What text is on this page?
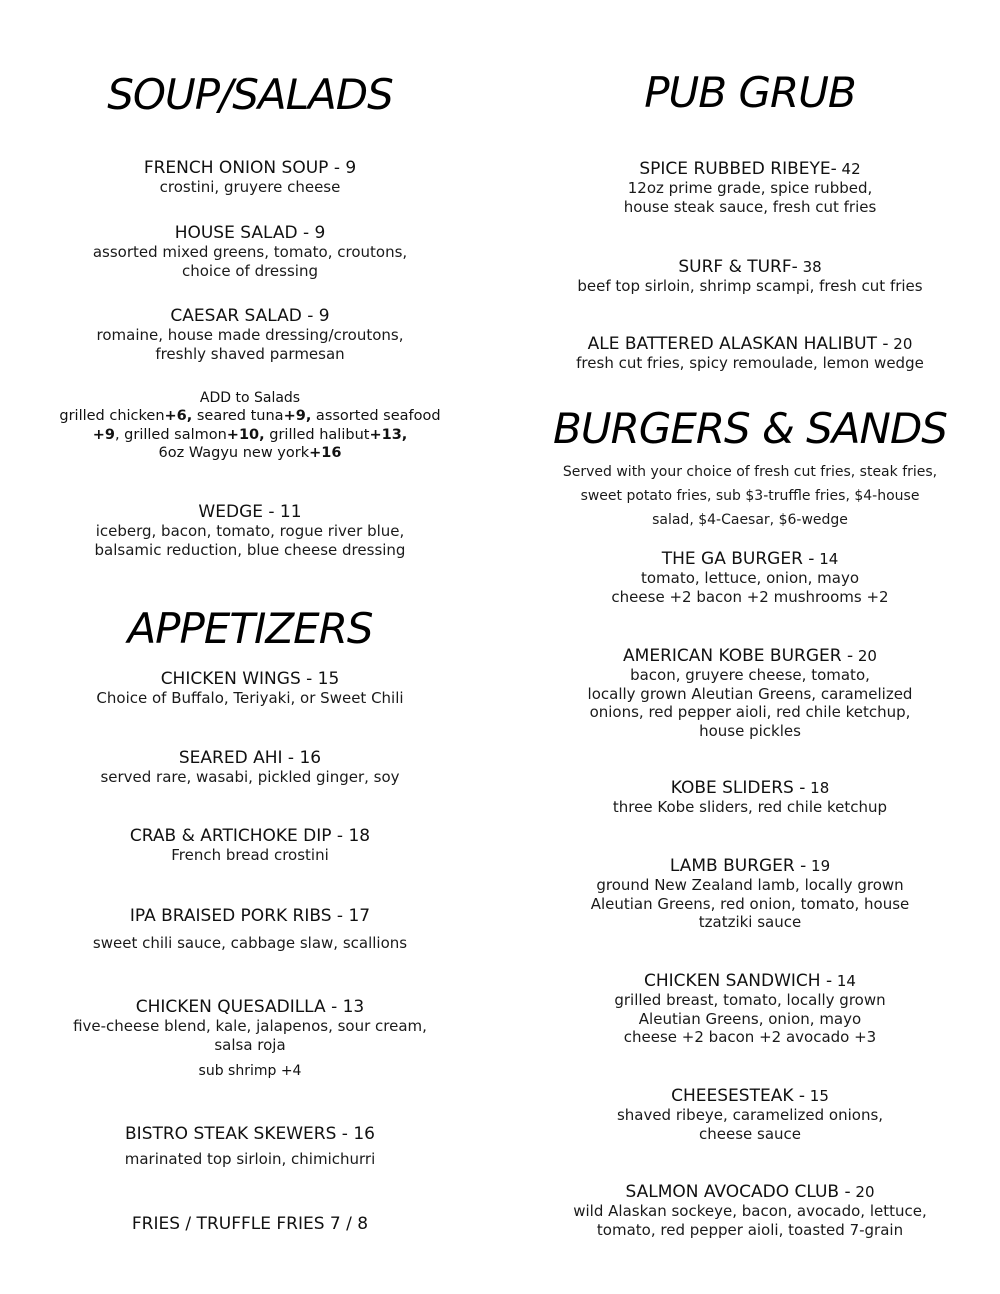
SOUP/SALADS
FRENCH ONION SOUP - 9
crostini, gruyere cheese
HOUSE SALAD - 9
assorted mixed greens, tomato, croutons,
choice of dressing
CAESAR SALAD - 9
romaine, house made dressing/croutons,
freshly shaved parmesan
ADD to Salads
grilled chicken+6, seared tuna+9, assorted seafood
+9, grilled salmon+10, grilled halibut+13,
6oz Wagyu new york+16
WEDGE - 11
iceberg, bacon, tomato, rogue river blue,
balsamic reduction, blue cheese dressing
APPETIZERS
CHICKEN WINGS - 15
Choice of Buffalo, Teriyaki, or Sweet Chili
SEARED AHI - 16
served rare, wasabi, pickled ginger, soy
CRAB & ARTICHOKE DIP - 18
French bread crostini
IPA BRAISED PORK RIBS - 17
sweet chili sauce, cabbage slaw, scallions
CHICKEN QUESADILLA - 13
five-cheese blend, kale, jalapenos, sour cream,
salsa roja
sub shrimp +4
BISTRO STEAK SKEWERS - 16
marinated top sirloin, chimichurri
FRIES / TRUFFLE FRIES 7 / 8
PUB GRUB
SPICE RUBBED RIBEYE- 42
12oz prime grade, spice rubbed,
house steak sauce, fresh cut fries
SURF & TURF- 38
beef top sirloin, shrimp scampi, fresh cut fries
ALE BATTERED ALASKAN HALIBUT - 20
fresh cut fries, spicy remoulade, lemon wedge
BURGERS & SANDS
Served with your choice of fresh cut fries, steak fries,
sweet potato fries, sub $3-truffle fries, $4-house
salad, $4-Caesar, $6-wedge
THE GA BURGER - 14
tomato, lettuce, onion, mayo
cheese +2 bacon +2 mushrooms +2
AMERICAN KOBE BURGER - 20
bacon, gruyere cheese, tomato,
locally grown Aleutian Greens, caramelized
onions, red pepper aioli, red chile ketchup,
house pickles
KOBE SLIDERS - 18
three Kobe sliders, red chile ketchup
LAMB BURGER - 19
ground New Zealand lamb, locally grown
Aleutian Greens, red onion, tomato, house
tzatziki sauce
CHICKEN SANDWICH - 14
grilled breast, tomato, locally grown
Aleutian Greens, onion, mayo
cheese +2 bacon +2 avocado +3
CHEESESTEAK - 15
shaved ribeye, caramelized onions,
cheese sauce
SALMON AVOCADO CLUB - 20
wild Alaskan sockeye, bacon, avocado, lettuce,
tomato, red pepper aioli, toasted 7-grain
